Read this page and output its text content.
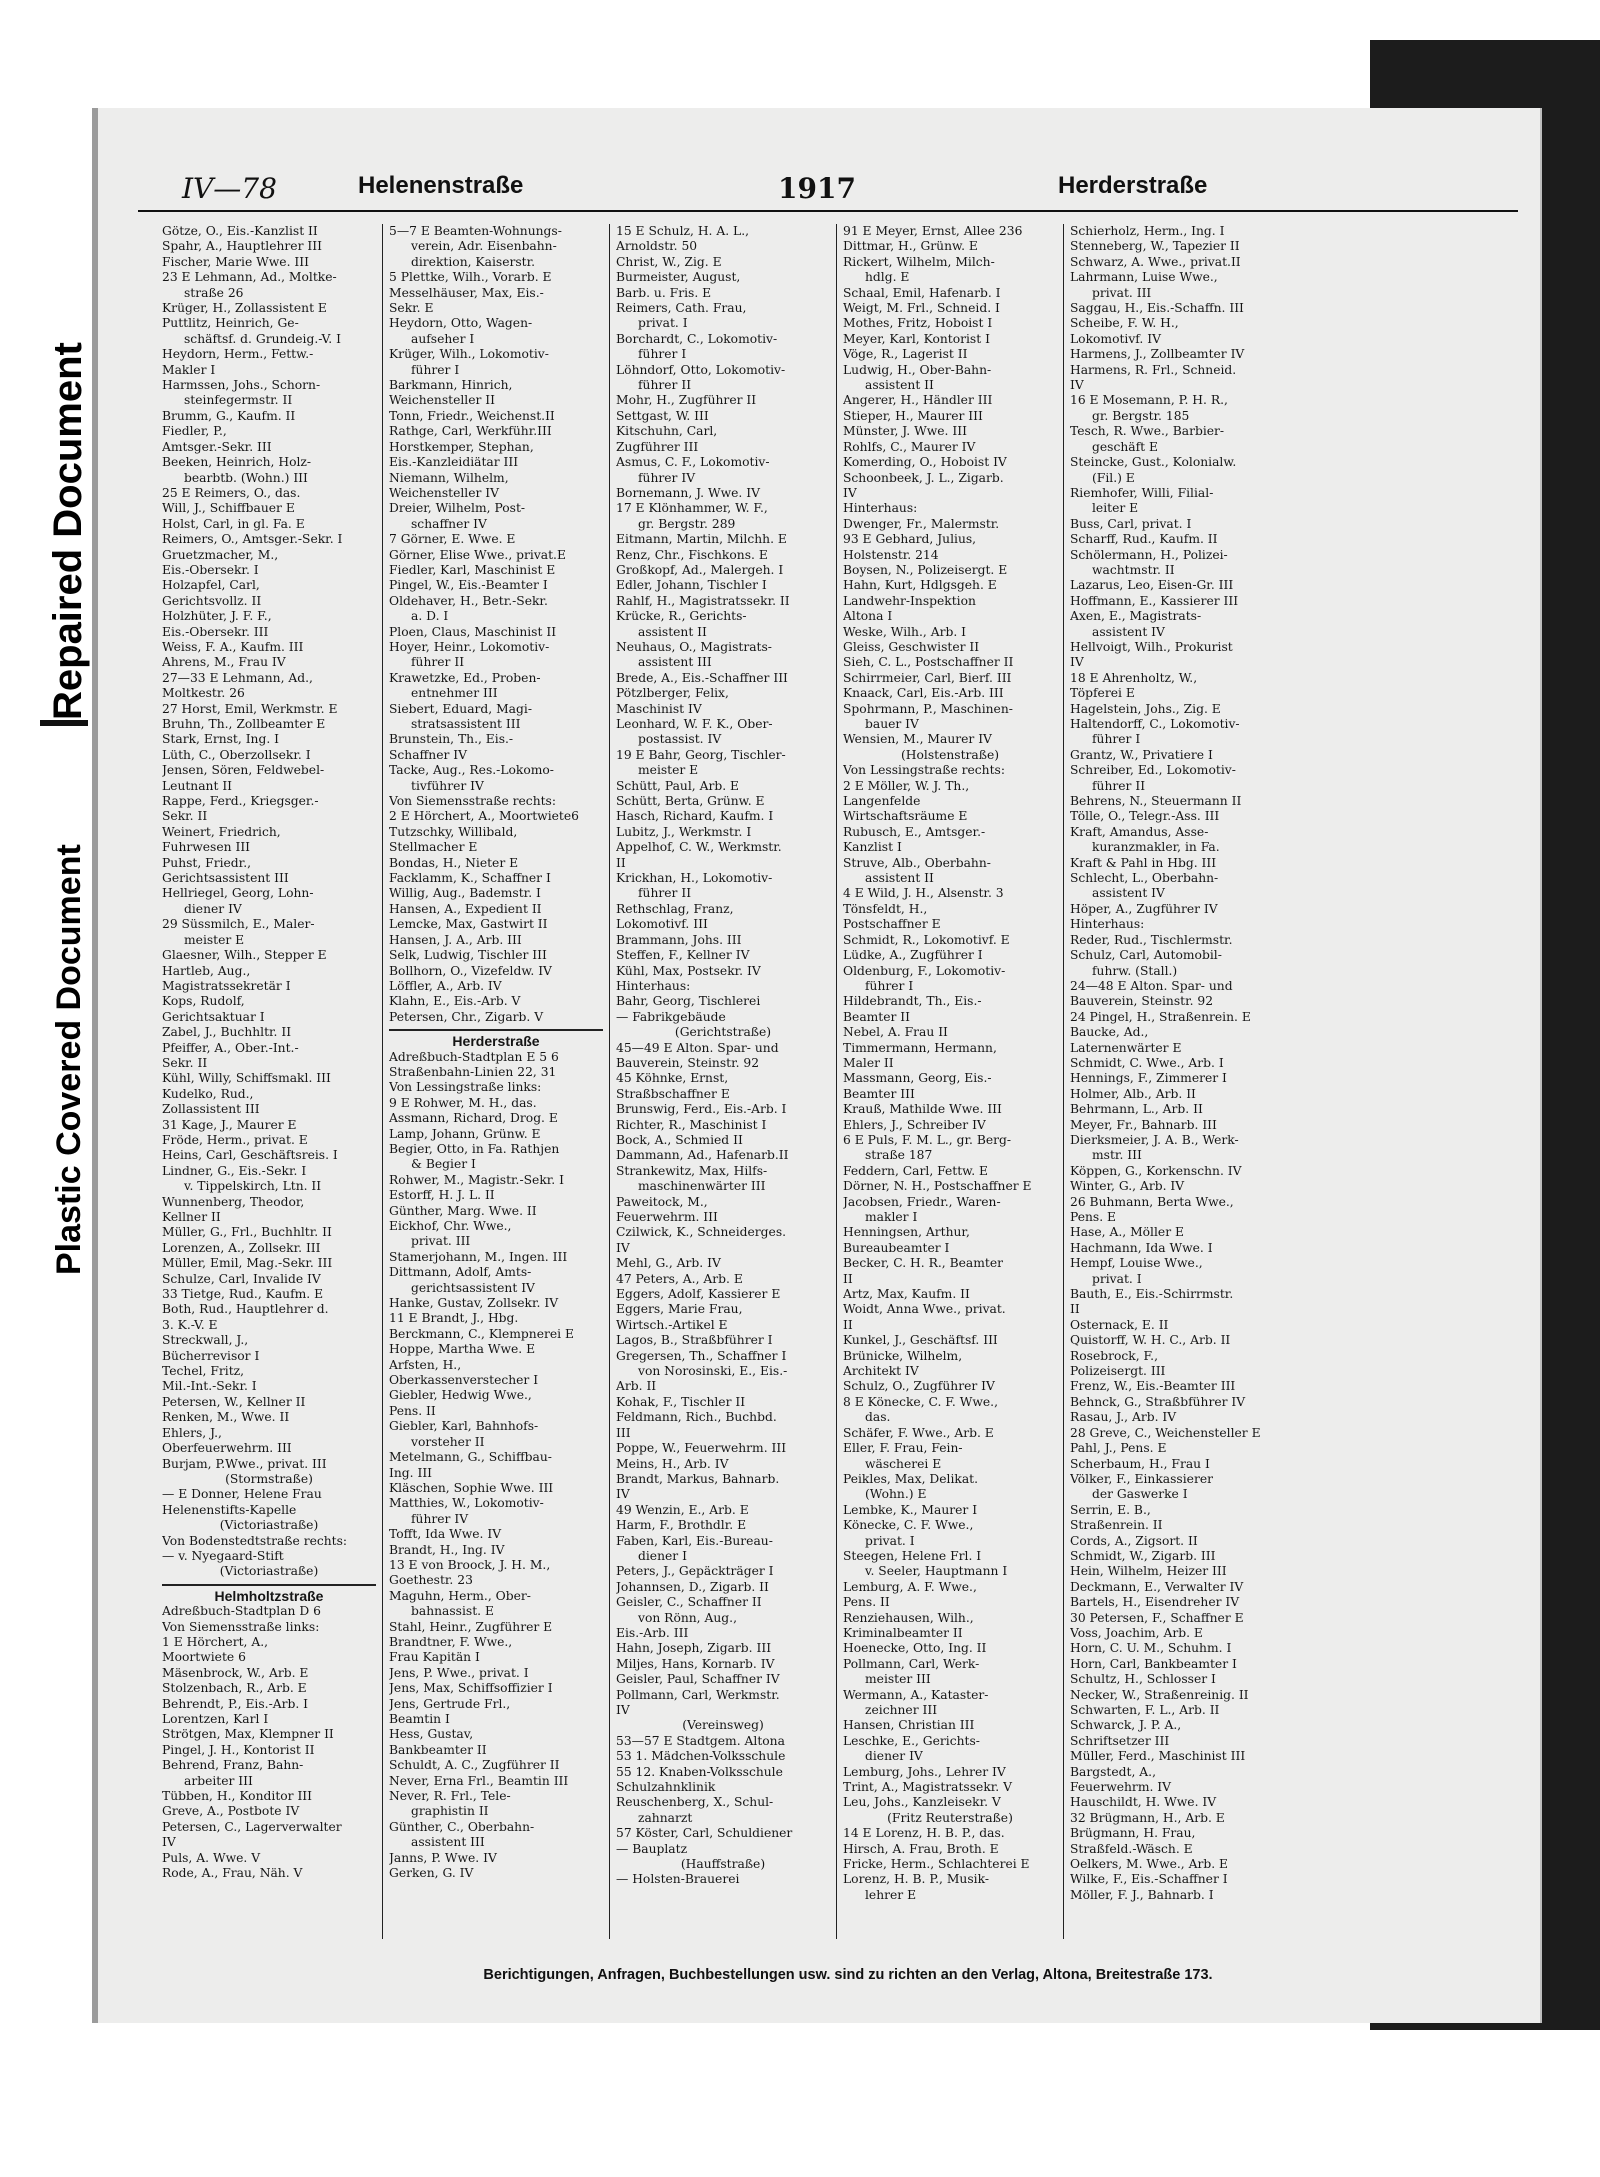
Repaired Document
Plastic Covered Document
IV—78	Helenenstraße	1917	Herderstraße
Götze, O., Eis.-Kanzlist II
Spahr, A., Hauptlehrer III
Fischer, Marie Wwe. III
23 E Lehmann, Ad., Moltke-
straße 26
Krüger, H., Zollassistent E
Puttlitz, Heinrich, Ge-
schäftsf. d. Grundeig.-V. I
Heydorn, Herm., Fettw.-
Makler I
Harmssen, Johs., Schorn-
steinfegermstr. II
Brumm, G., Kaufm. II
Fiedler, P.,
Amtsger.-Sekr. III
Beeken, Heinrich, Holz-
bearbtb. (Wohn.) III
25 E Reimers, O., das.
Will, J., Schiffbauer E
Holst, Carl, in gl. Fa. E
Reimers, O., Amtsger.-Sekr. I
Gruetzmacher, M.,
Eis.-Obersekr. I
Holzapfel, Carl,
Gerichtsvollz. II
Holzhüter, J. F. F.,
Eis.-Obersekr. III
Weiss, F. A., Kaufm. III
Ahrens, M., Frau IV
27—33 E Lehmann, Ad.,
Moltkestr. 26
27 Horst, Emil, Werkmstr. E
Bruhn, Th., Zollbeamter E
Stark, Ernst, Ing. I
Lüth, C., Oberzollsekr. I
Jensen, Sören, Feldwebel-
Leutnant II
Rappe, Ferd., Kriegsger.-
Sekr. II
Weinert, Friedrich,
Fuhrwesen III
Puhst, Friedr.,
Gerichtsassistent III
Hellriegel, Georg, Lohn-
diener IV
29 Süssmilch, E., Maler-
meister E
Glaesner, Wilh., Stepper E
Hartleb, Aug.,
Magistratssekretär I
Kops, Rudolf,
Gerichtsaktuar I
Zabel, J., Buchhltr. II
Pfeiffer, A., Ober.-Int.-
Sekr. II
Kühl, Willy, Schiffsmakl. III
Kudelko, Rud.,
Zollassistent III
31 Kage, J., Maurer E
Fröde, Herm., privat. E
Heins, Carl, Geschäftsreis. I
Lindner, G., Eis.-Sekr. I
v. Tippelskirch, Ltn. II
Wunnenberg, Theodor,
Kellner II
Müller, G., Frl., Buchhltr. II
Lorenzen, A., Zollsekr. III
Müller, Emil, Mag.-Sekr. III
Schulze, Carl, Invalide IV
33 Tietge, Rud., Kaufm. E
Both, Rud., Hauptlehrer d.
3. K.-V. E
Streckwall, J.,
Bücherrevisor I
Techel, Fritz,
Mil.-Int.-Sekr. I
Petersen, W., Kellner II
Renken, M., Wwe. II
Ehlers, J.,
Oberfeuerwehrm. III
Burjam, P.Wwe., privat. III
(Stormstraße)
— E Donner, Helene Frau
Helenenstifts-Kapelle
(Victoriastraße)
Von Bodenstedtstraße rechts:
— v. Nyegaard-Stift
(Victoriastraße)
Helmholtzstraße
Adreßbuch-Stadtplan D 6
Von Siemensstraße links:
1 E Hörchert, A.,
Moortwiete 6
Mäsenbrock, W., Arb. E
Stolzenbach, R., Arb. E
Behrendt, P., Eis.-Arb. I
Lorentzen, Karl I
Strötgen, Max, Klempner II
Pingel, J. H., Kontorist II
Behrend, Franz, Bahn-
arbeiter III
Tübben, H., Konditor III
Greve, A., Postbote IV
Petersen, C., Lagerverwalter
IV
Puls, A. Wwe. V
Rode, A., Frau, Näh. V
5—7 E Beamten-Wohnungs-
verein, Adr. Eisenbahn-
direktion, Kaiserstr.
5 Plettke, Wilh., Vorarb. E
Messelhäuser, Max, Eis.-
Sekr. E
Heydorn, Otto, Wagen-
aufseher I
Krüger, Wilh., Lokomotiv-
führer I
Barkmann, Hinrich,
Weichensteller II
Tonn, Friedr., Weichenst.II
Rathge, Carl, Werkführ.III
Horstkemper, Stephan,
Eis.-Kanzleidiätar III
Niemann, Wilhelm,
Weichensteller IV
Dreier, Wilhelm, Post-
schaffner IV
7 Görner, E. Wwe. E
Görner, Elise Wwe., privat.E
Fiedler, Karl, Maschinist E
Pingel, W., Eis.-Beamter I
Oldehaver, H., Betr.-Sekr.
a. D. I
Ploen, Claus, Maschinist II
Hoyer, Heinr., Lokomotiv-
führer II
Krawetzke, Ed., Proben-
entnehmer III
Siebert, Eduard, Magi-
stratsassistent III
Brunstein, Th., Eis.-
Schaffner IV
Tacke, Aug., Res.-Lokomo-
tivführer IV
Von Siemensstraße rechts:
2 E Hörchert, A., Moortwiete6
Tutzschky, Willibald,
Stellmacher E
Bondas, H., Nieter E
Facklamm, K., Schaffner I
Willig, Aug., Bademstr. I
Hansen, A., Expedient II
Lemcke, Max, Gastwirt II
Hansen, J. A., Arb. III
Selk, Ludwig, Tischler III
Bollhorn, O., Vizefeldw. IV
Löffler, A., Arb. IV
Klahn, E., Eis.-Arb. V
Petersen, Chr., Zigarb. V
Herderstraße
Adreßbuch-Stadtplan E 5 6
Straßenbahn-Linien 22, 31
Von Lessingstraße links:
9 E Rohwer, M. H., das.
Assmann, Richard, Drog. E
Lamp, Johann, Grünw. E
Begier, Otto, in Fa. Rathjen
& Begier I
Rohwer, M., Magistr.-Sekr. I
Estorff, H. J. L. II
Günther, Marg. Wwe. II
Eickhof, Chr. Wwe.,
privat. III
Stamerjohann, M., Ingen. III
Dittmann, Adolf, Amts-
gerichtsassistent IV
Hanke, Gustav, Zollsekr. IV
11 E Brandt, J., Hbg.
Berckmann, C., Klempnerei E
Hoppe, Martha Wwe. E
Arfsten, H.,
Oberkassenverstecher I
Giebler, Hedwig Wwe.,
Pens. II
Giebler, Karl, Bahnhofs-
vorsteher II
Metelmann, G., Schiffbau-
Ing. III
Kläschen, Sophie Wwe. III
Matthies, W., Lokomotiv-
führer IV
Tofft, Ida Wwe. IV
Brandt, H., Ing. IV
13 E von Broock, J. H. M.,
Goethestr. 23
Maguhn, Herm., Ober-
bahnassist. E
Stahl, Heinr., Zugführer E
Brandtner, F. Wwe.,
Frau Kapitän I
Jens, P. Wwe., privat. I
Jens, Max, Schiffsoffizier I
Jens, Gertrude Frl.,
Beamtin I
Hess, Gustav,
Bankbeamter II
Schuldt, A. C., Zugführer II
Never, Erna Frl., Beamtin III
Never, R. Frl., Tele-
graphistin II
Günther, C., Oberbahn-
assistent III
Janns, P. Wwe. IV
Gerken, G. IV
15 E Schulz, H. A. L.,
Arnoldstr. 50
Christ, W., Zig. E
Burmeister, August,
Barb. u. Fris. E
Reimers, Cath. Frau,
privat. I
Borchardt, C., Lokomotiv-
führer I
Löhndorf, Otto, Lokomotiv-
führer II
Mohr, H., Zugführer II
Settgast, W. III
Kitschuhn, Carl,
Zugführer III
Asmus, C. F., Lokomotiv-
führer IV
Bornemann, J. Wwe. IV
17 E Klönhammer, W. F.,
gr. Bergstr. 289
Eitmann, Martin, Milchh. E
Renz, Chr., Fischkons. E
Großkopf, Ad., Malergeh. I
Edler, Johann, Tischler I
Rahlf, H., Magistratssekr. II
Krücke, R., Gerichts-
assistent II
Neuhaus, O., Magistrats-
assistent III
Brede, A., Eis.-Schaffner III
Pötzlberger, Felix,
Maschinist IV
Leonhard, W. F. K., Ober-
postassist. IV
19 E Bahr, Georg, Tischler-
meister E
Schütt, Paul, Arb. E
Schütt, Berta, Grünw. E
Hasch, Richard, Kaufm. I
Lubitz, J., Werkmstr. I
Appelhof, C. W., Werkmstr.
II
Krickhan, H., Lokomotiv-
führer II
Rethschlag, Franz,
Lokomotivf. III
Brammann, Johs. III
Steffen, F., Kellner IV
Kühl, Max, Postsekr. IV
Hinterhaus:
Bahr, Georg, Tischlerei
— Fabrikgebäude
(Gerichtstraße)
45—49 E Alton. Spar- und
Bauverein, Steinstr. 92
45 Köhnke, Ernst,
Straßbschaffner E
Brunswig, Ferd., Eis.-Arb. I
Richter, R., Maschinist I
Bock, A., Schmied II
Dammann, Ad., Hafenarb.II
Strankewitz, Max, Hilfs-
maschinenwärter III
Paweitock, M.,
Feuerwehrm. III
Czilwick, K., Schneiderges.
IV
Mehl, G., Arb. IV
47 Peters, A., Arb. E
Eggers, Adolf, Kassierer E
Eggers, Marie Frau,
Wirtsch.-Artikel E
Lagos, B., Straßbführer I
Gregersen, Th., Schaffner I
von Norosinski, E., Eis.-
Arb. II
Kohak, F., Tischler II
Feldmann, Rich., Buchbd.
III
Poppe, W., Feuerwehrm. III
Meins, H., Arb. IV
Brandt, Markus, Bahnarb.
IV
49 Wenzin, E., Arb. E
Harm, F., Brothdlr. E
Faben, Karl, Eis.-Bureau-
diener I
Peters, J., Gepäckträger I
Johannsen, D., Zigarb. II
Geisler, C., Schaffner II
von Rönn, Aug.,
Eis.-Arb. III
Hahn, Joseph, Zigarb. III
Miljes, Hans, Kornarb. IV
Geisler, Paul, Schaffner IV
Pollmann, Carl, Werkmstr.
IV
(Vereinsweg)
53—57 E Stadtgem. Altona
53 1. Mädchen-Volksschule
55 12. Knaben-Volksschule
Schulzahnklinik
Reuschenberg, X., Schul-
zahnarzt
57 Köster, Carl, Schuldiener
— Bauplatz
(Hauffstraße)
— Holsten-Brauerei
91 E Meyer, Ernst, Allee 236
Dittmar, H., Grünw. E
Rickert, Wilhelm, Milch-
hdlg. E
Schaal, Emil, Hafenarb. I
Weigt, M. Frl., Schneid. I
Mothes, Fritz, Hoboist I
Meyer, Karl, Kontorist I
Vöge, R., Lagerist II
Ludwig, H., Ober-Bahn-
assistent II
Angerer, H., Händler III
Stieper, H., Maurer III
Münster, J. Wwe. III
Rohlfs, C., Maurer IV
Komerding, O., Hoboist IV
Schoonbeek, J. L., Zigarb.
IV
Hinterhaus:
Dwenger, Fr., Malermstr.
93 E Gebhard, Julius,
Holstenstr. 214
Boysen, N., Polizeisergt. E
Hahn, Kurt, Hdlgsgeh. E
Landwehr-Inspektion
Altona I
Weske, Wilh., Arb. I
Gleiss, Geschwister II
Sieh, C. L., Postschaffner II
Schirrmeier, Carl, Bierf. III
Knaack, Carl, Eis.-Arb. III
Spohrmann, P., Maschinen-
bauer IV
Wensien, M., Maurer IV
(Holstenstraße)
Von Lessingstraße rechts:
2 E Möller, W. J. Th.,
Langenfelde
Wirtschaftsräume E
Rubusch, E., Amtsger.-
Kanzlist I
Struve, Alb., Oberbahn-
assistent II
4 E Wild, J. H., Alsenstr. 3
Tönsfeldt, H.,
Postschaffner E
Schmidt, R., Lokomotivf. E
Lüdke, A., Zugführer I
Oldenburg, F., Lokomotiv-
führer I
Hildebrandt, Th., Eis.-
Beamter II
Nebel, A. Frau II
Timmermann, Hermann,
Maler II
Massmann, Georg, Eis.-
Beamter III
Krauß, Mathilde Wwe. III
Ehlers, J., Schreiber IV
6 E Puls, F. M. L., gr. Berg-
straße 187
Feddern, Carl, Fettw. E
Dörner, N. H., Postschaffner E
Jacobsen, Friedr., Waren-
makler I
Henningsen, Arthur,
Bureaubeamter I
Becker, C. H. R., Beamter
II
Artz, Max, Kaufm. II
Woidt, Anna Wwe., privat.
II
Kunkel, J., Geschäftsf. III
Brünicke, Wilhelm,
Architekt IV
Schulz, O., Zugführer IV
8 E Könecke, C. F. Wwe.,
das.
Schäfer, F. Wwe., Arb. E
Eller, F. Frau, Fein-
wäscherei E
Peikles, Max, Delikat.
(Wohn.) E
Lembke, K., Maurer I
Könecke, C. F. Wwe.,
privat. I
Steegen, Helene Frl. I
v. Seeler, Hauptmann I
Lemburg, A. F. Wwe.,
Pens. II
Renziehausen, Wilh.,
Kriminalbeamter II
Hoenecke, Otto, Ing. II
Pollmann, Carl, Werk-
meister III
Wermann, A., Kataster-
zeichner III
Hansen, Christian III
Leschke, E., Gerichts-
diener IV
Lemburg, Johs., Lehrer IV
Trint, A., Magistratssekr. V
Leu, Johs., Kanzleisekr. V
(Fritz Reuterstraße)
14 E Lorenz, H. B. P., das.
Hirsch, A. Frau, Broth. E
Fricke, Herm., Schlachterei E
Lorenz, H. B. P., Musik-
lehrer E
Schierholz, Herm., Ing. I
Stenneberg, W., Tapezier II
Schwarz, A. Wwe., privat.II
Lahrmann, Luise Wwe.,
privat. III
Saggau, H., Eis.-Schaffn. III
Scheibe, F. W. H.,
Lokomotivf. IV
Harmens, J., Zollbeamter IV
Harmens, R. Frl., Schneid.
IV
16 E Mosemann, P. H. R.,
gr. Bergstr. 185
Tesch, R. Wwe., Barbier-
geschäft E
Steincke, Gust., Kolonialw.
(Fil.) E
Riemhofer, Willi, Filial-
leiter E
Buss, Carl, privat. I
Scharff, Rud., Kaufm. II
Schölermann, H., Polizei-
wachtmstr. II
Lazarus, Leo, Eisen-Gr. III
Hoffmann, E., Kassierer III
Axen, E., Magistrats-
assistent IV
Hellvoigt, Wilh., Prokurist
IV
18 E Ahrenholtz, W.,
Töpferei E
Hagelstein, Johs., Zig. E
Haltendorff, C., Lokomotiv-
führer I
Grantz, W., Privatiere I
Schreiber, Ed., Lokomotiv-
führer II
Behrens, N., Steuermann II
Tölle, O., Telegr.-Ass. III
Kraft, Amandus, Asse-
kuranzmakler, in Fa.
Kraft & Pahl in Hbg. III
Schlecht, L., Oberbahn-
assistent IV
Höper, A., Zugführer IV
Hinterhaus:
Reder, Rud., Tischlermstr.
Schulz, Carl, Automobil-
fuhrw. (Stall.)
24—48 E Alton. Spar- und
Bauverein, Steinstr. 92
24 Pingel, H., Straßenrein. E
Baucke, Ad.,
Laternenwärter E
Schmidt, C. Wwe., Arb. I
Hennings, F., Zimmerer I
Holmer, Alb., Arb. II
Behrmann, L., Arb. II
Meyer, Fr., Bahnarb. III
Dierksmeier, J. A. B., Werk-
mstr. III
Köppen, G., Korkenschn. IV
Winter, G., Arb. IV
26 Buhmann, Berta Wwe.,
Pens. E
Hase, A., Möller E
Hachmann, Ida Wwe. I
Hempf, Louise Wwe.,
privat. I
Bauth, E., Eis.-Schirrmstr.
II
Osternack, E. II
Quistorff, W. H. C., Arb. II
Rosebrock, F.,
Polizeisergt. III
Frenz, W., Eis.-Beamter III
Behnck, G., Straßbführer IV
Rasau, J., Arb. IV
28 Greve, C., Weichensteller E
Pahl, J., Pens. E
Scherbaum, H., Frau I
Völker, F., Einkassierer
der Gaswerke I
Serrin, E. B.,
Straßenrein. II
Cords, A., Zigsort. II
Schmidt, W., Zigarb. III
Hein, Wilhelm, Heizer III
Deckmann, E., Verwalter IV
Bartels, H., Eisendreher IV
30 Petersen, F., Schaffner E
Voss, Joachim, Arb. E
Horn, C. U. M., Schuhm. I
Horn, Carl, Bankbeamter I
Schultz, H., Schlosser I
Necker, W., Straßenreinig. II
Schwarten, F. L., Arb. II
Schwarck, J. P. A.,
Schriftsetzer III
Müller, Ferd., Maschinist III
Bargstedt, A.,
Feuerwehrm. IV
Hauschildt, H. Wwe. IV
32 Brügmann, H., Arb. E
Brügmann, H. Frau,
Straßfeld.-Wäsch. E
Oelkers, M. Wwe., Arb. E
Wilke, F., Eis.-Schaffner I
Möller, F. J., Bahnarb. I
Berichtigungen, Anfragen, Buchbestellungen usw. sind zu richten an den Verlag, Altona, Breitestraße 173.
